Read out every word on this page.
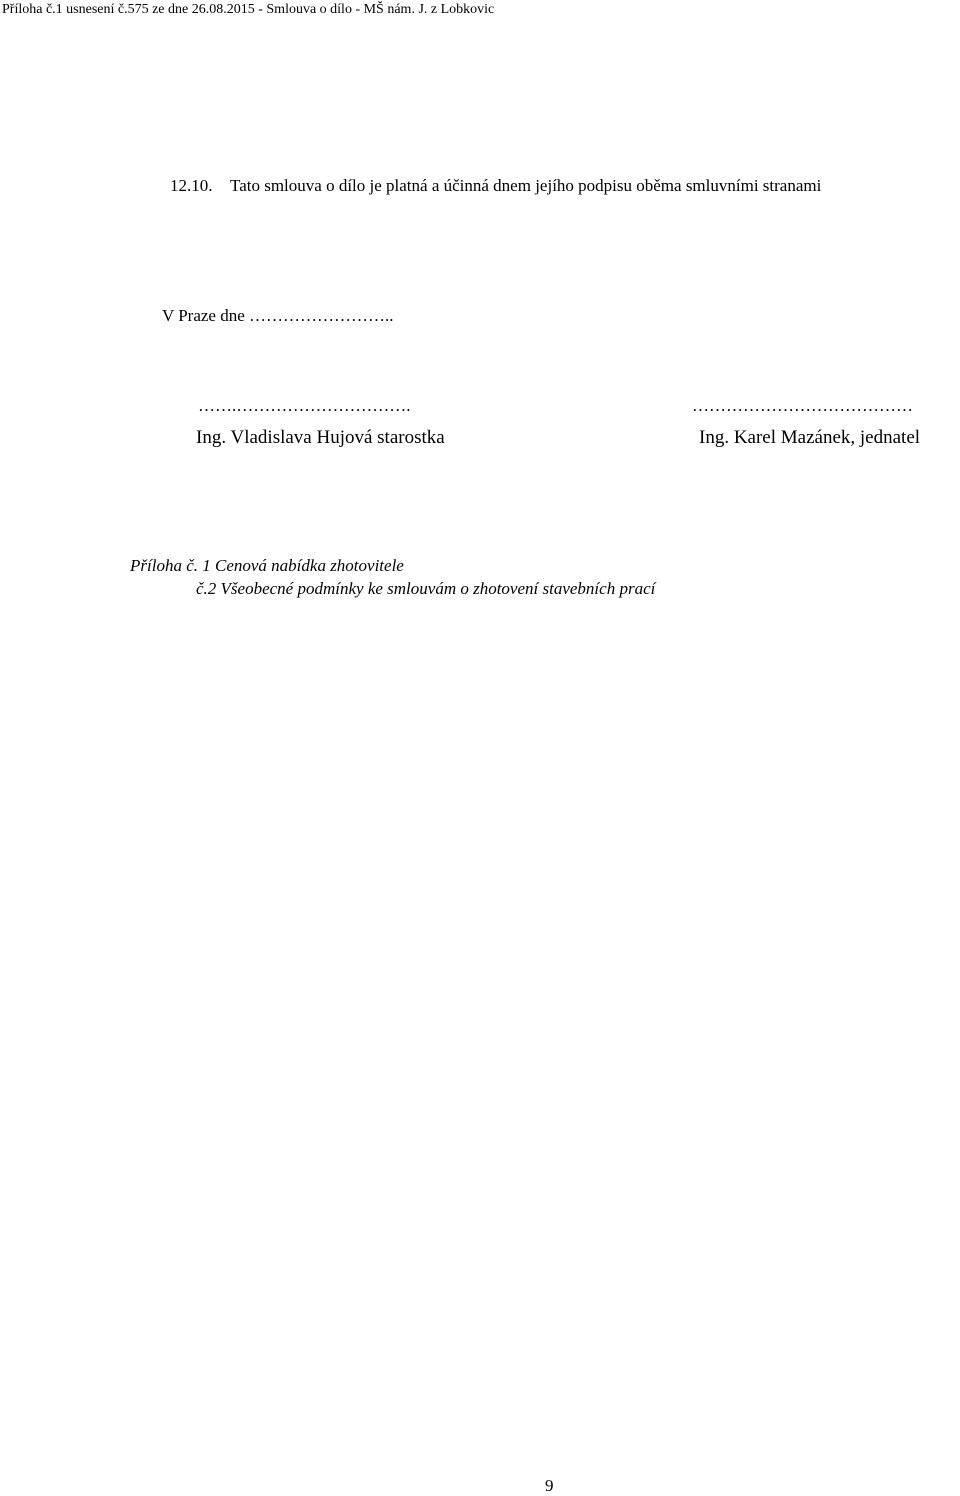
Příloha č.1 usnesení č.575 ze dne 26.08.2015 - Smlouva o dílo - MŠ nám. J. z Lobkovic
12.10. Tato smlouva o dílo je platná a účinná dnem jejího podpisu oběma smluvními stranami
V Praze dne ……………………..
…….………………………….
Ing. Vladislava Hujová starostka
…………………………………
Ing. Karel Mazánek, jednatel
Příloha č. 1 Cenová nabídka zhotovitele
č.2 Všeobecné podmínky ke smlouvám o zhotovení stavebních prací
9
